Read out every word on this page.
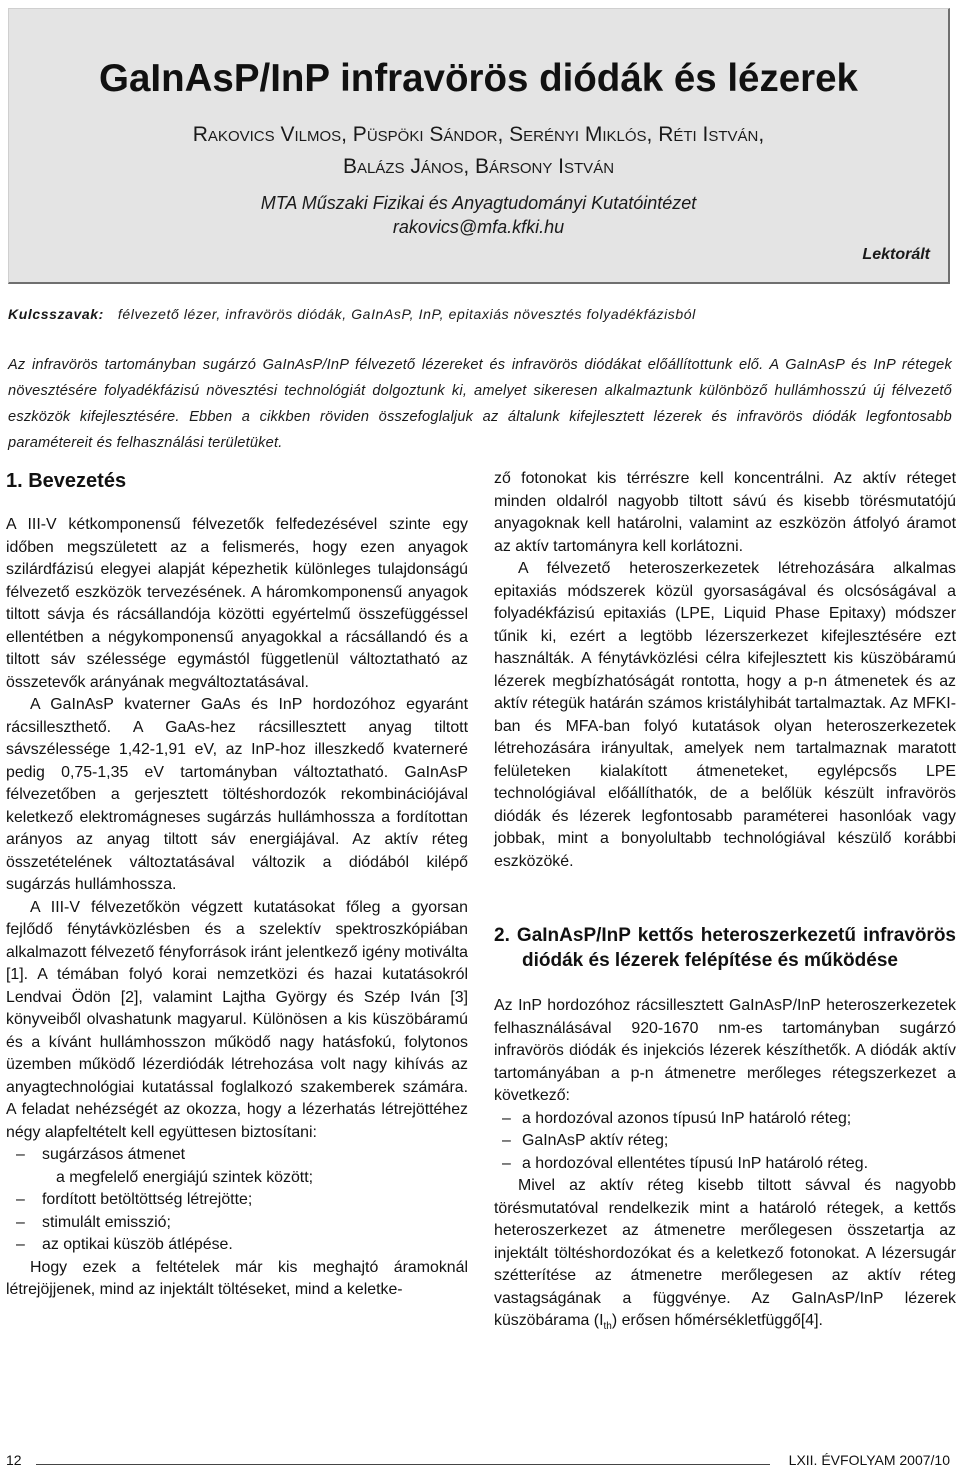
GaInAsP/InP infravörös diódák és lézerek
Rakovics Vilmos, Püspöki Sándor, Serényi Miklós, Réti István,
Balázs János, Bársony István
MTA Műszaki Fizikai és Anyagtudományi Kutatóintézet
rakovics@mfa.kfki.hu
Lektorált
Kulcsszavak: félvezető lézer, infravörös diódák, GaInAsP, InP, epitaxiás növesztés folyadékfázisból

Az infravörös tartományban sugárzó GaInAsP/InP félvezető lézereket és infravörös diódákat előállítottunk elő. A GaInAsP és InP rétegek növesztésére folyadékfázisú növesztési technológiát dolgoztunk ki, amelyet sikeresen alkalmaztunk különböző hullámhosszú új félvezető eszközök kifejlesztésére. Ebben a cikkben röviden összefoglaljuk az általunk kifejlesztett lézerek és infravörös diódák legfontosabb paramétereit és felhasználási területüket.

1. Bevezetés

A III-V kétkomponensű félvezetők felfedezésével szinte egy időben megszületett az a felismerés, hogy ezen anyagok szilárdfázisú elegyei alapját képezhetik különleges tulajdonságú félvezető eszközök tervezésének. A háromkomponensű anyagok tiltott sávja és rácsállandója közötti egyértelmű összefüggéssel ellentétben a négykomponensű anyagokkal a rácsállandó és a tiltott sáv szélessége egymástól függetlenül változtatható az összetevők arányának megváltoztatásával.

A GaInAsP kvaterner GaAs és InP hordozóhoz egyaránt rácsilleszthető. A GaAs-hez rácsillesztett anyag tiltott sávszélessége 1,42-1,91 eV, az InP-hoz illeszkedő kvaterneré pedig 0,75-1,35 eV tartományban változtatható. GaInAsP félvezetőben a gerjesztett töltéshordozók rekombinációjával keletkező elektromágneses sugárzás hullámhossza a fordítottan arányos az anyag tiltott sáv energiájával. Az aktív réteg összetételének változtatásával változik a diódából kilépő sugárzás hullámhossza.

A III-V félvezetőkön végzett kutatásokat főleg a gyorsan fejlődő fénytávközlésben és a szelektív spektroszkópiában alkalmazott félvezető fényforrások iránt jelentkező igény motiválta [1]. A témában folyó korai nemzetközi és hazai kutatásokról Lendvai Ödön [2], valamint Lajtha György és Szép Iván [3] könyveiből olvashatunk magyarul. Különösen a kis küszöbáramú és a kívánt hullámhosszon működő nagy hatásfokú, folytonos üzemben működő lézerdiódák létrehozása volt nagy kihívás az anyagtechnológiai kutatással foglalkozó szakemberek számára. A feladat nehézségét az okozza, hogy a lézerhatás létrejöttéhez négy alapfeltételt kell együttesen biztosítani:

– sugárzásos átmenet
a megfelelő energiájú szintek között;
– fordított betöltöttség létrejötte;
– stimulált emisszió;
– az optikai küszöb átlépése.

Hogy ezek a feltételek már kis meghajtó áramoknál létrejöjjenek, mind az injektált töltéseket, mind a keletke-

ző fotonokat kis térrészre kell koncentrálni. Az aktív réteget minden oldalról nagyobb tiltott sávú és kisebb törésmutatójú anyagoknak kell határolni, valamint az eszközön átfolyó áramot az aktív tartományra kell korlátozni.

A félvezető heteroszerkezetek létrehozására alkalmas epitaxiás módszerek közül gyorsaságával és olcsóságával a folyadékfázisú epitaxiás (LPE, Liquid Phase Epitaxy) módszer tűnik ki, ezért a legtöbb lézerszerkezet kifejlesztésére ezt használták. A fénytávközlési célra kifejlesztett kis küszöbáramú lézerek megbízhatóságát rontotta, hogy a p-n átmenetek és az aktív rétegük határán számos kristályhibát tartalmaztak. Az MFKI-ban és MFA-ban folyó kutatások olyan heteroszerkezetek létrehozására irányultak, amelyek nem tartalmaznak maratott felületeken kialakított átmeneteket, egylépcsős LPE technológiával előállíthatók, de a belőlük készült infravörös diódák és lézerek legfontosabb paraméterei hasonlóak vagy jobbak, mint a bonyolultabb technológiával készülő korábbi eszközöké.

2. GaInAsP/InP kettős heteroszerkezetű infravörös diódák és lézerek felépítése és működése

Az InP hordozóhoz rácsillesztett GaInAsP/InP heteroszerkezetek felhasználásával 920-1670 nm-es tartományban sugárzó infravörös diódák és injekciós lézerek készíthetők. A diódák aktív tartományában a p-n átmenetre merőleges rétegszerkezet a következő:

– a hordozóval azonos típusú InP határoló réteg;
– GaInAsP aktív réteg;
– a hordozóval ellentétes típusú InP határoló réteg.

Mivel az aktív réteg kisebb tiltott sávval és nagyobb törésmutatóval rendelkezik mint a határoló rétegek, a kettős heteroszerkezet az átmenetre merőlegesen összetartja az injektált töltéshordozókat és a keletkező fotonokat. A lézersugár szétterítése az átmenetre merőlegesen az aktív réteg vastagságának a függvénye. Az GaInAsP/InP lézerek küszöbárama $(I_{th})$ erősen hőmérsékletfüggő[4].

12	LXII. ÉVFOLYAM 2007/10
